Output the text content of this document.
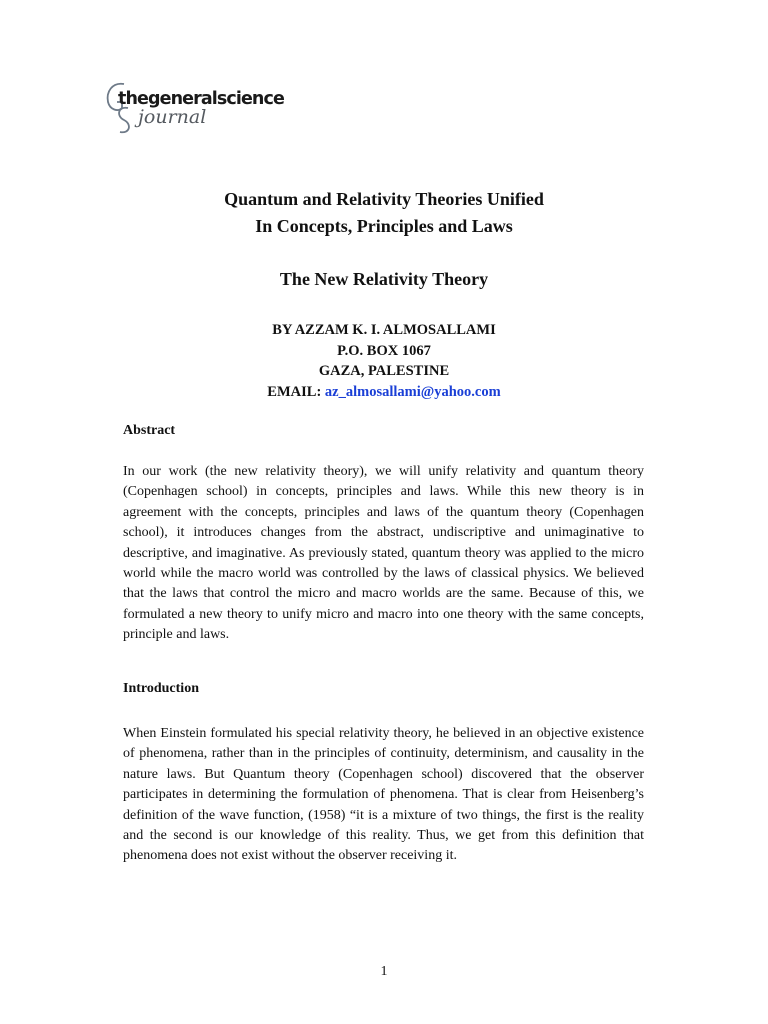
thegeneralscience
journal
Quantum and Relativity Theories Unified
In Concepts, Principles and Laws
The New Relativity Theory
BY AZZAM K. I. ALMOSALLAMI
P.O. BOX 1067
GAZA, PALESTINE
EMAIL: az_almosallami@yahoo.com
Abstract

In our work (the new relativity theory), we will unify relativity and quantum theory (Copenhagen school) in concepts, principles and laws. While this new theory is in agreement with the concepts, principles and laws of the quantum theory (Copenhagen school), it introduces changes from the abstract, undiscriptive and unimaginative to descriptive, and imaginative. As previously stated, quantum theory was applied to the micro world while the macro world was controlled by the laws of classical physics. We believed that the laws that control the micro and macro worlds are the same. Because of this, we formulated a new theory to unify micro and macro into one theory with the same concepts, principle and laws.

Introduction

When Einstein formulated his special relativity theory, he believed in an objective existence of phenomena, rather than in the principles of continuity, determinism, and causality in the nature laws. But Quantum theory (Copenhagen school) discovered that the observer participates in determining the formulation of phenomena. That is clear from Heisenberg’s definition of the wave function, (1958) “it is a mixture of two things, the first is the reality and the second is our knowledge of this reality. Thus, we get from this definition that phenomena does not exist without the observer receiving it.

1
